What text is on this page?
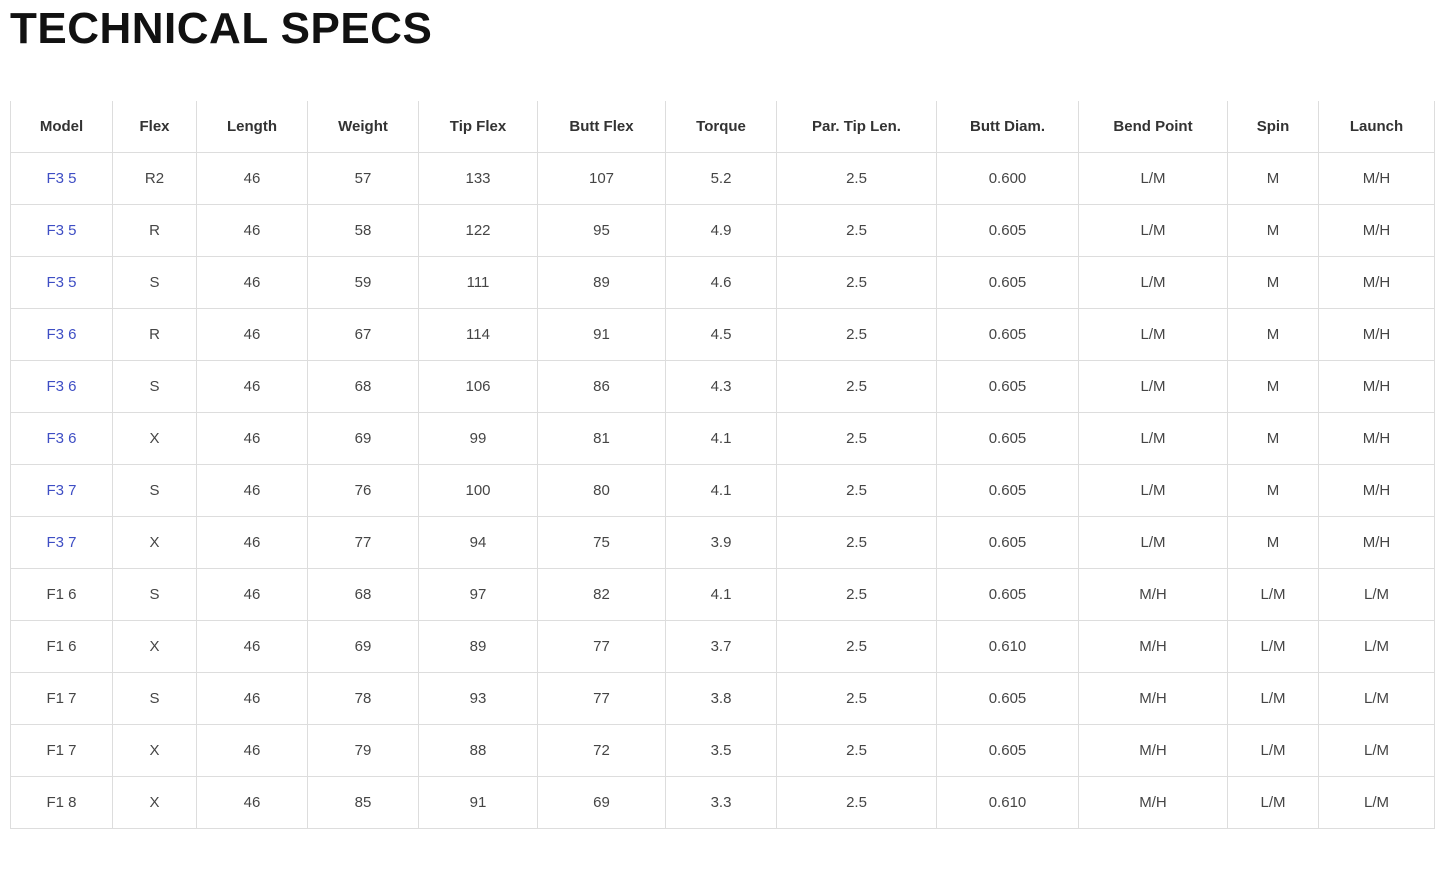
TECHNICAL SPECS
Model	Flex	Length	Weight	Tip Flex	Butt Flex	Torque	Par. Tip Len.	Butt Diam.	Bend Point	Spin	Launch
F3 5	R2	46	57	133	107	5.2	2.5	0.600	L/M	M	M/H
F3 5	R	46	58	122	95	4.9	2.5	0.605	L/M	M	M/H
F3 5	S	46	59	111	89	4.6	2.5	0.605	L/M	M	M/H
F3 6	R	46	67	114	91	4.5	2.5	0.605	L/M	M	M/H
F3 6	S	46	68	106	86	4.3	2.5	0.605	L/M	M	M/H
F3 6	X	46	69	99	81	4.1	2.5	0.605	L/M	M	M/H
F3 7	S	46	76	100	80	4.1	2.5	0.605	L/M	M	M/H
F3 7	X	46	77	94	75	3.9	2.5	0.605	L/M	M	M/H
F1 6	S	46	68	97	82	4.1	2.5	0.605	M/H	L/M	L/M
F1 6	X	46	69	89	77	3.7	2.5	0.610	M/H	L/M	L/M
F1 7	S	46	78	93	77	3.8	2.5	0.605	M/H	L/M	L/M
F1 7	X	46	79	88	72	3.5	2.5	0.605	M/H	L/M	L/M
F1 8	X	46	85	91	69	3.3	2.5	0.610	M/H	L/M	L/M
